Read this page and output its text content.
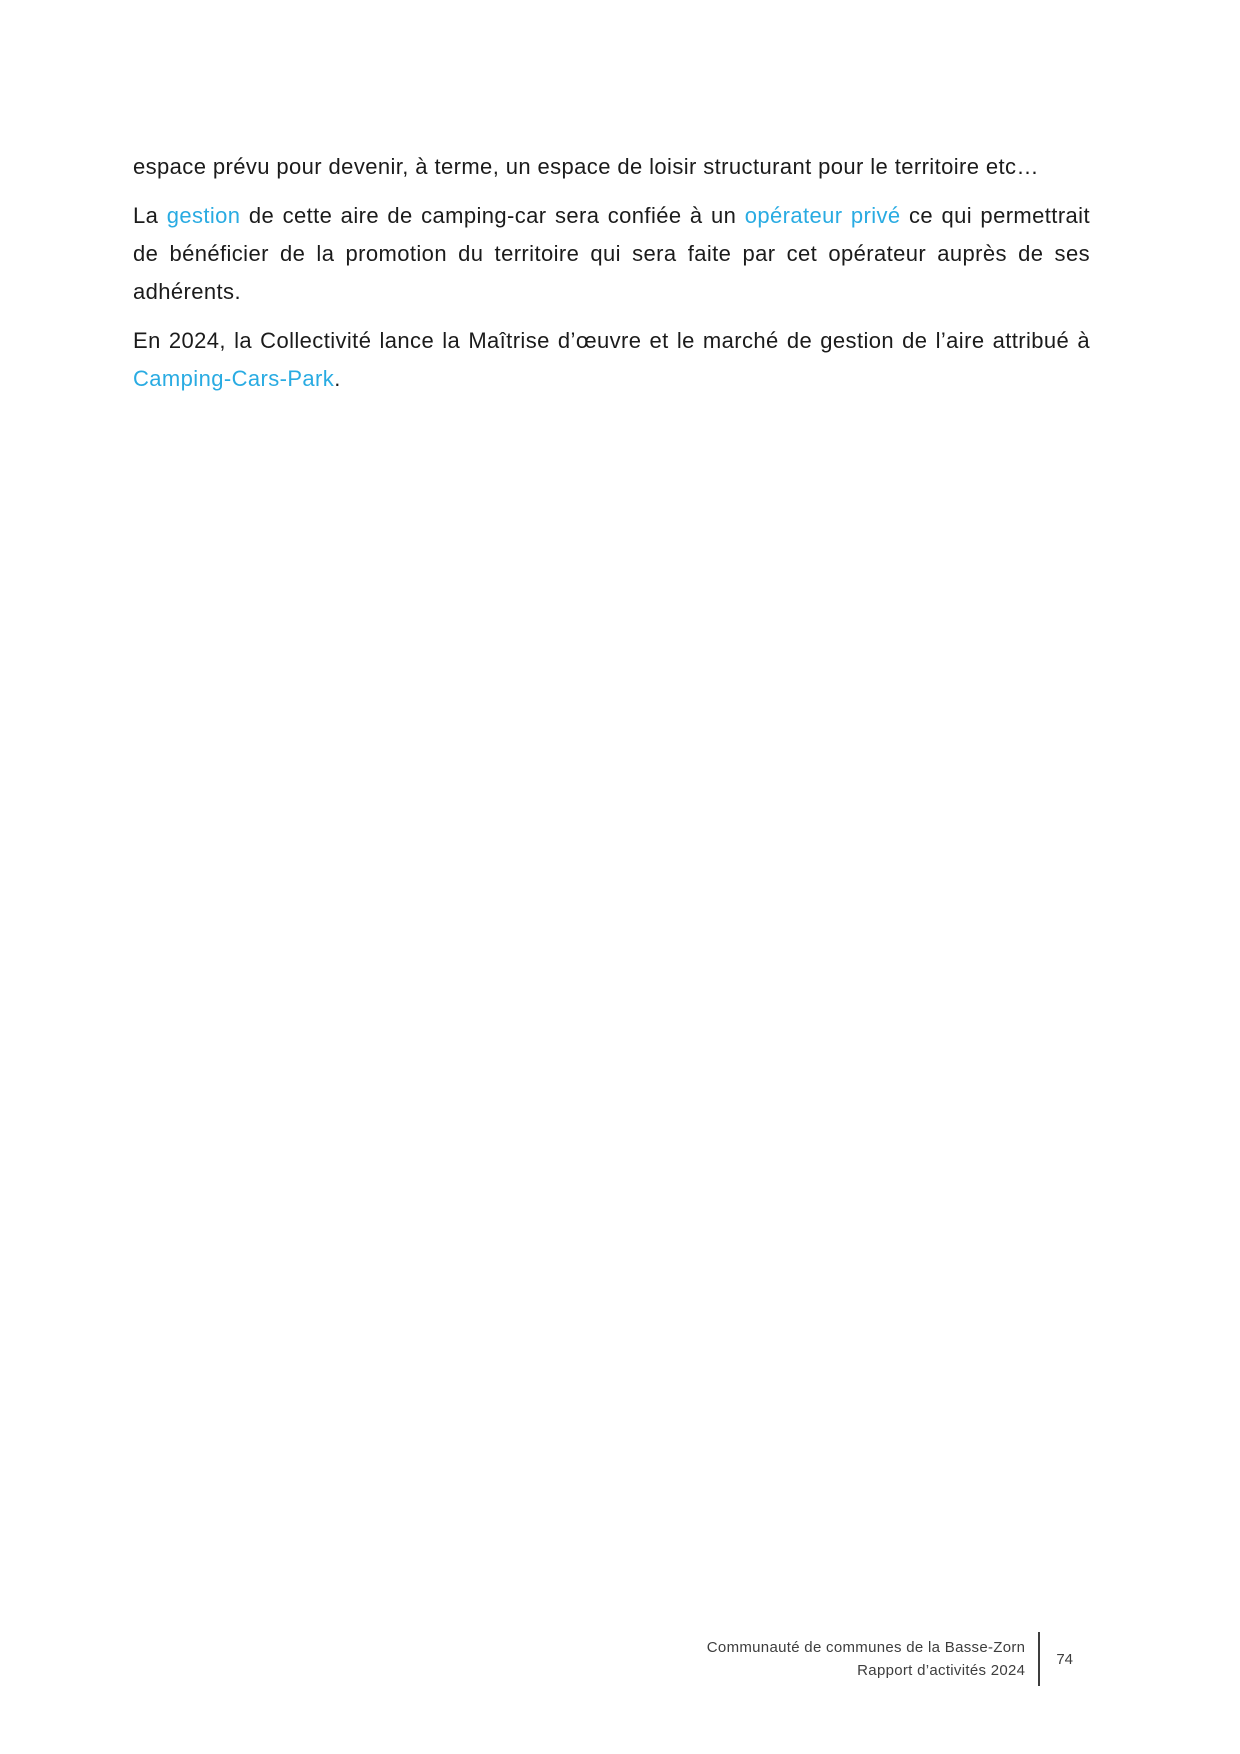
espace prévu pour devenir, à terme, un espace de loisir structurant pour le territoire etc…

La gestion de cette aire de camping-car sera confiée à un opérateur privé ce qui permettrait de bénéficier de la promotion du territoire qui sera faite par cet opérateur auprès de ses adhérents.

En 2024, la Collectivité lance la Maîtrise d’œuvre et le marché de gestion de l’aire attribué à Camping-Cars-Park.

Communauté de communes de la Basse-Zorn
Rapport d’activités 2024
74
